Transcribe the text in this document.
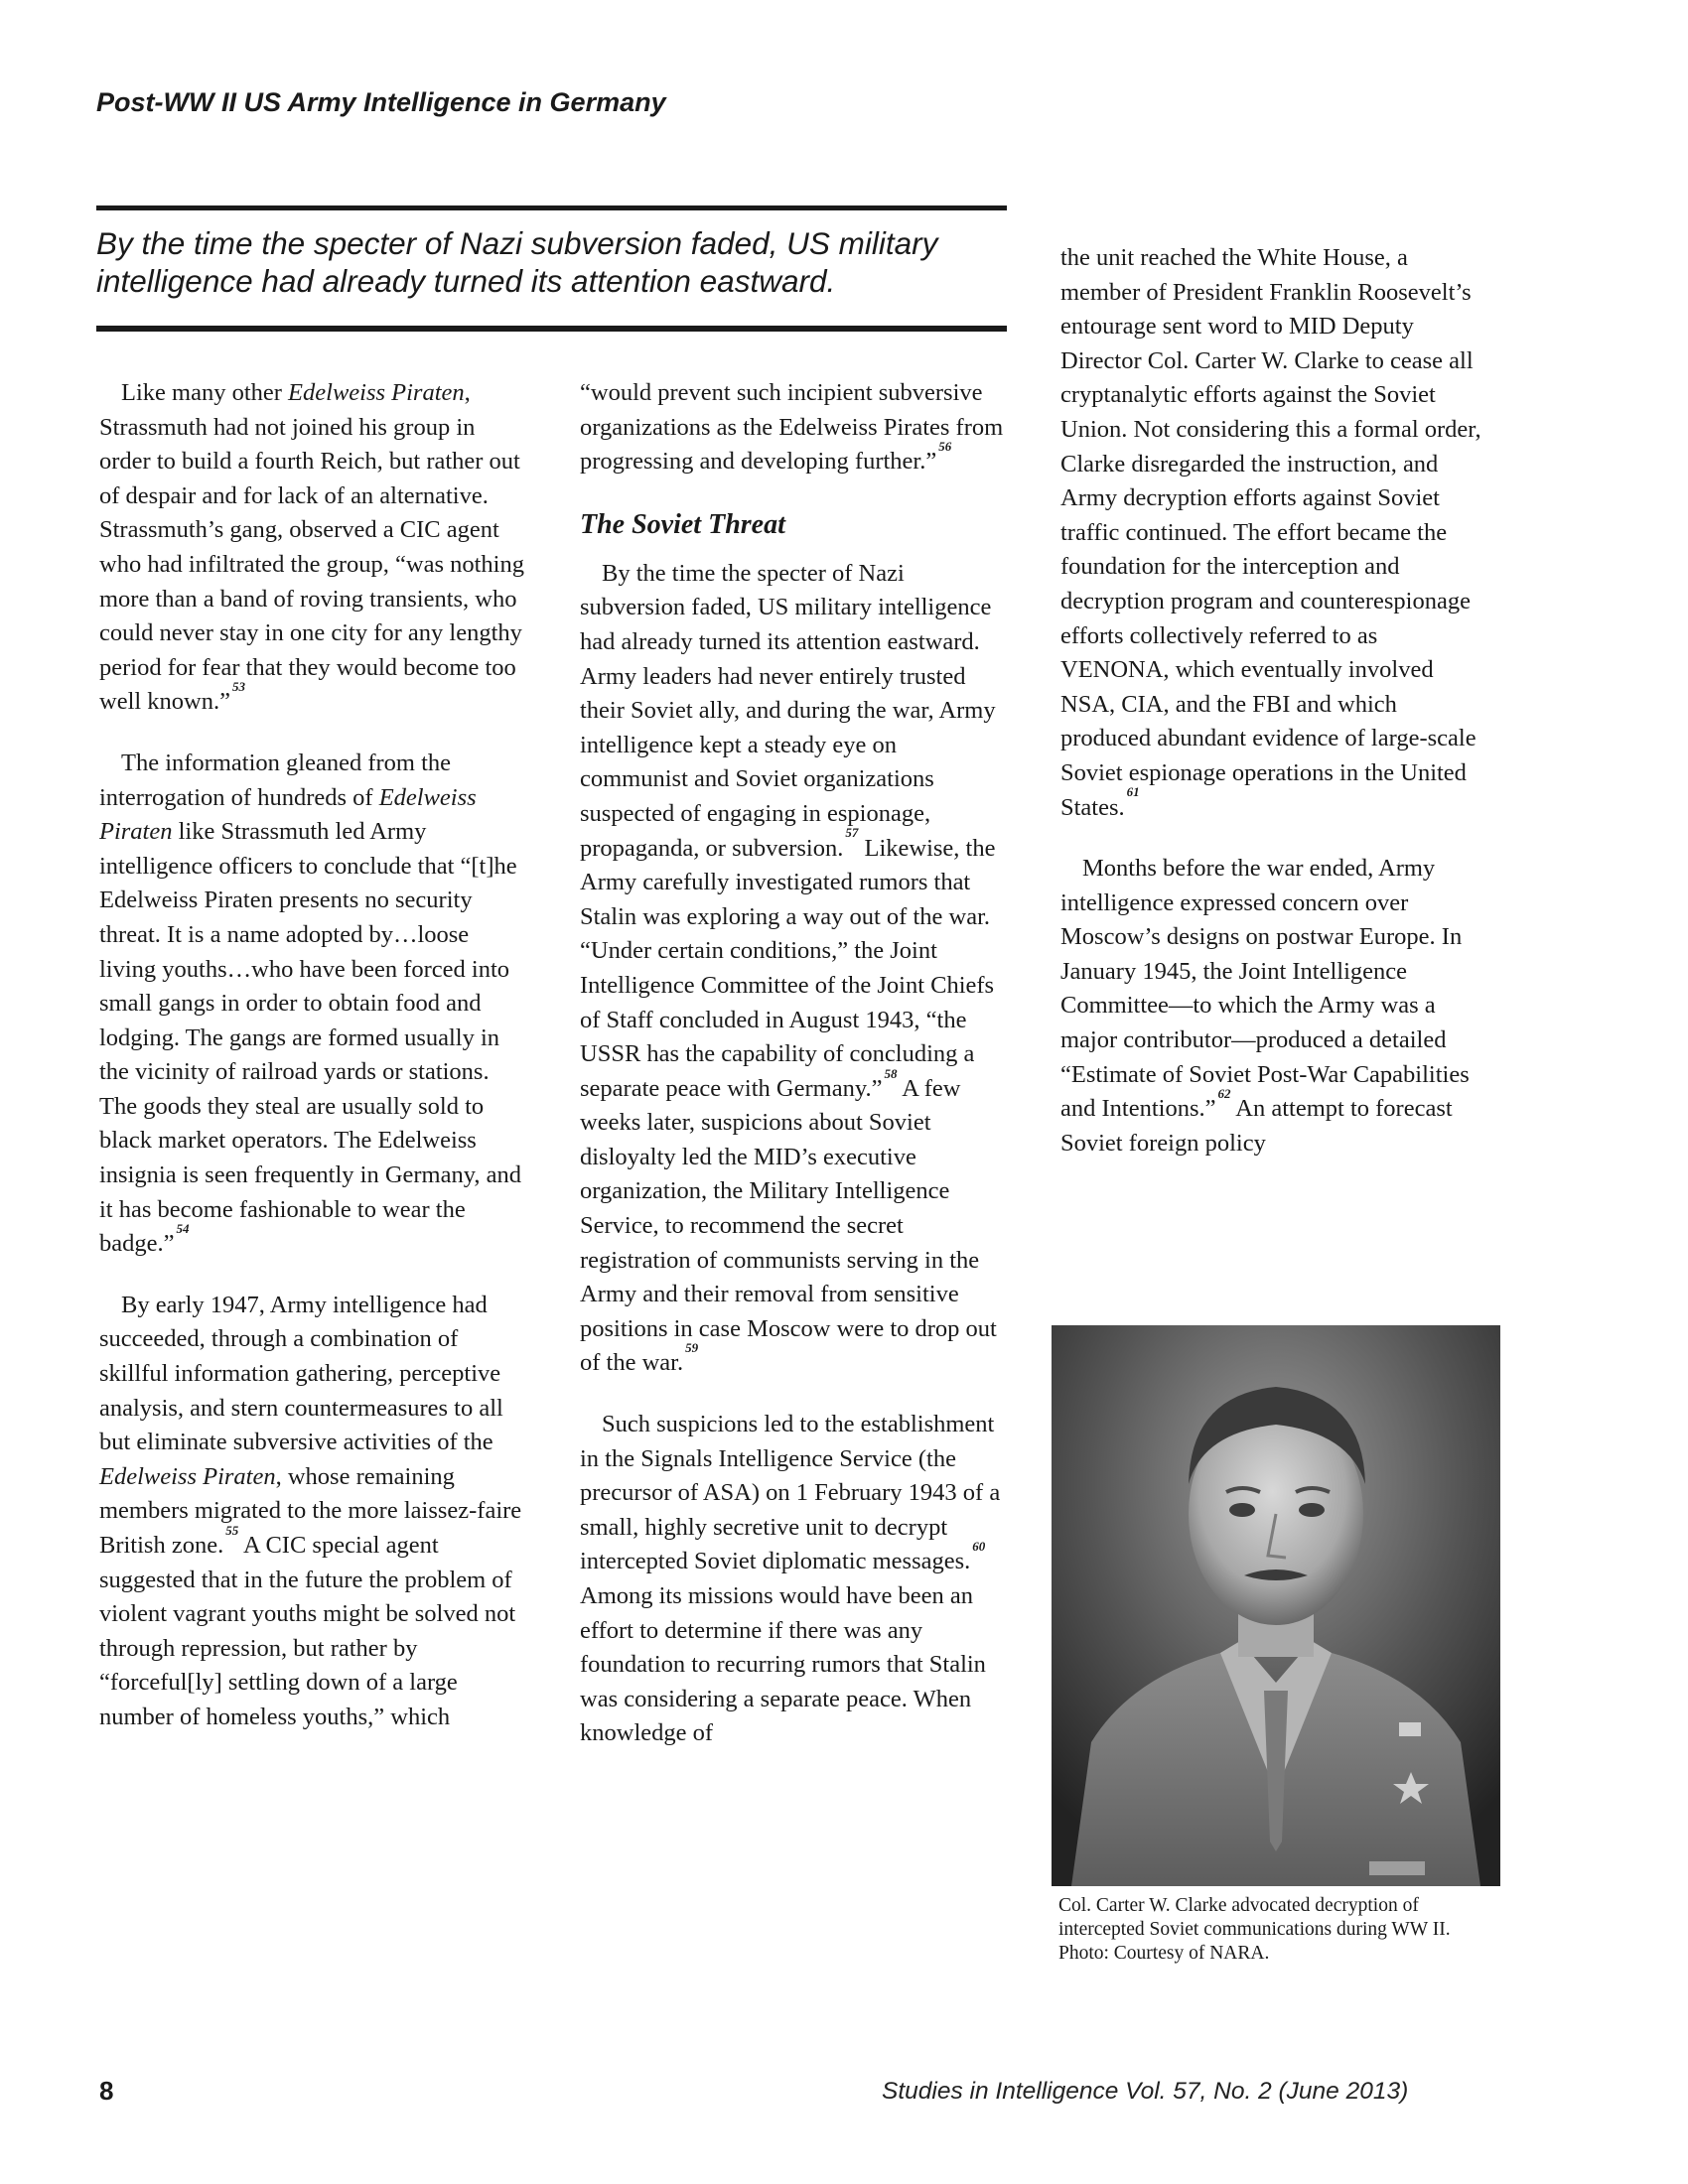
Post-WW II US Army Intelligence in Germany
By the time the specter of Nazi subversion faded, US military intelligence had already turned its attention eastward.

Like many other Edelweiss Piraten, Strassmuth had not joined his group in order to build a fourth Reich, but rather out of despair and for lack of an alternative. Strassmuth’s gang, observed a CIC agent who had infiltrated the group, “was nothing more than a band of roving transients, who could never stay in one city for any lengthy period for fear that they would become too well known.”$^{53}$

The information gleaned from the interrogation of hundreds of Edelweiss Piraten like Strassmuth led Army intelligence officers to conclude that “[t]he Edelweiss Piraten presents no security threat. It is a name adopted by…loose living youths…who have been forced into small gangs in order to obtain food and lodging. The gangs are formed usually in the vicinity of railroad yards or stations. The goods they steal are usually sold to black market operators. The Edelweiss insignia is seen frequently in Germany, and it has become fashionable to wear the badge.”$^{54}$

By early 1947, Army intelligence had succeeded, through a combination of skillful information gathering, perceptive analysis, and stern countermeasures to all but eliminate subversive activities of the Edelweiss Piraten, whose remaining members migrated to the more laissez-faire British zone.$^{55}$ A CIC special agent suggested that in the future the problem of violent vagrant youths might be solved not through repression, but rather by “forceful[ly] settling down of a large number of homeless youths,” which

“would prevent such incipient subversive organizations as the Edelweiss Pirates from progressing and developing further.”$^{56}$

The Soviet Threat

By the time the specter of Nazi subversion faded, US military intelligence had already turned its attention eastward. Army leaders had never entirely trusted their Soviet ally, and during the war, Army intelligence kept a steady eye on communist and Soviet organizations suspected of engaging in espionage, propaganda, or subversion.$^{57}$ Likewise, the Army carefully investigated rumors that Stalin was exploring a way out of the war. “Under certain conditions,” the Joint Intelligence Committee of the Joint Chiefs of Staff concluded in August 1943, “the USSR has the capability of concluding a separate peace with Germany.”$^{58}$ A few weeks later, suspicions about Soviet disloyalty led the MID’s executive organization, the Military Intelligence Service, to recommend the secret registration of communists serving in the Army and their removal from sensitive positions in case Moscow were to drop out of the war.$^{59}$

Such suspicions led to the establishment in the Signals Intelligence Service (the precursor of ASA) on 1 February 1943 of a small, highly secretive unit to decrypt intercepted Soviet diplomatic messages.$^{60}$ Among its missions would have been an effort to determine if there was any foundation to recurring rumors that Stalin was considering a separate peace. When knowledge of

the unit reached the White House, a member of President Franklin Roosevelt’s entourage sent word to MID Deputy Director Col. Carter W. Clarke to cease all cryptanalytic efforts against the Soviet Union. Not considering this a formal order, Clarke disregarded the instruction, and Army decryption efforts against Soviet traffic continued. The effort became the foundation for the interception and decryption program and counterespionage efforts collectively referred to as VENONA, which eventually involved NSA, CIA, and the FBI and which produced abundant evidence of large-scale Soviet espionage operations in the United States.$^{61}$

Months before the war ended, Army intelligence expressed concern over Moscow’s designs on postwar Europe. In January 1945, the Joint Intelligence Committee—to which the Army was a major contributor—produced a detailed “Estimate of Soviet Post-War Capabilities and Intentions.”$^{62}$ An attempt to forecast Soviet foreign policy

Col. Carter W. Clarke advocated decryption of intercepted Soviet communications during WW II. Photo: Courtesy of NARA.
8	Studies in Intelligence Vol. 57, No. 2 (June 2013)
